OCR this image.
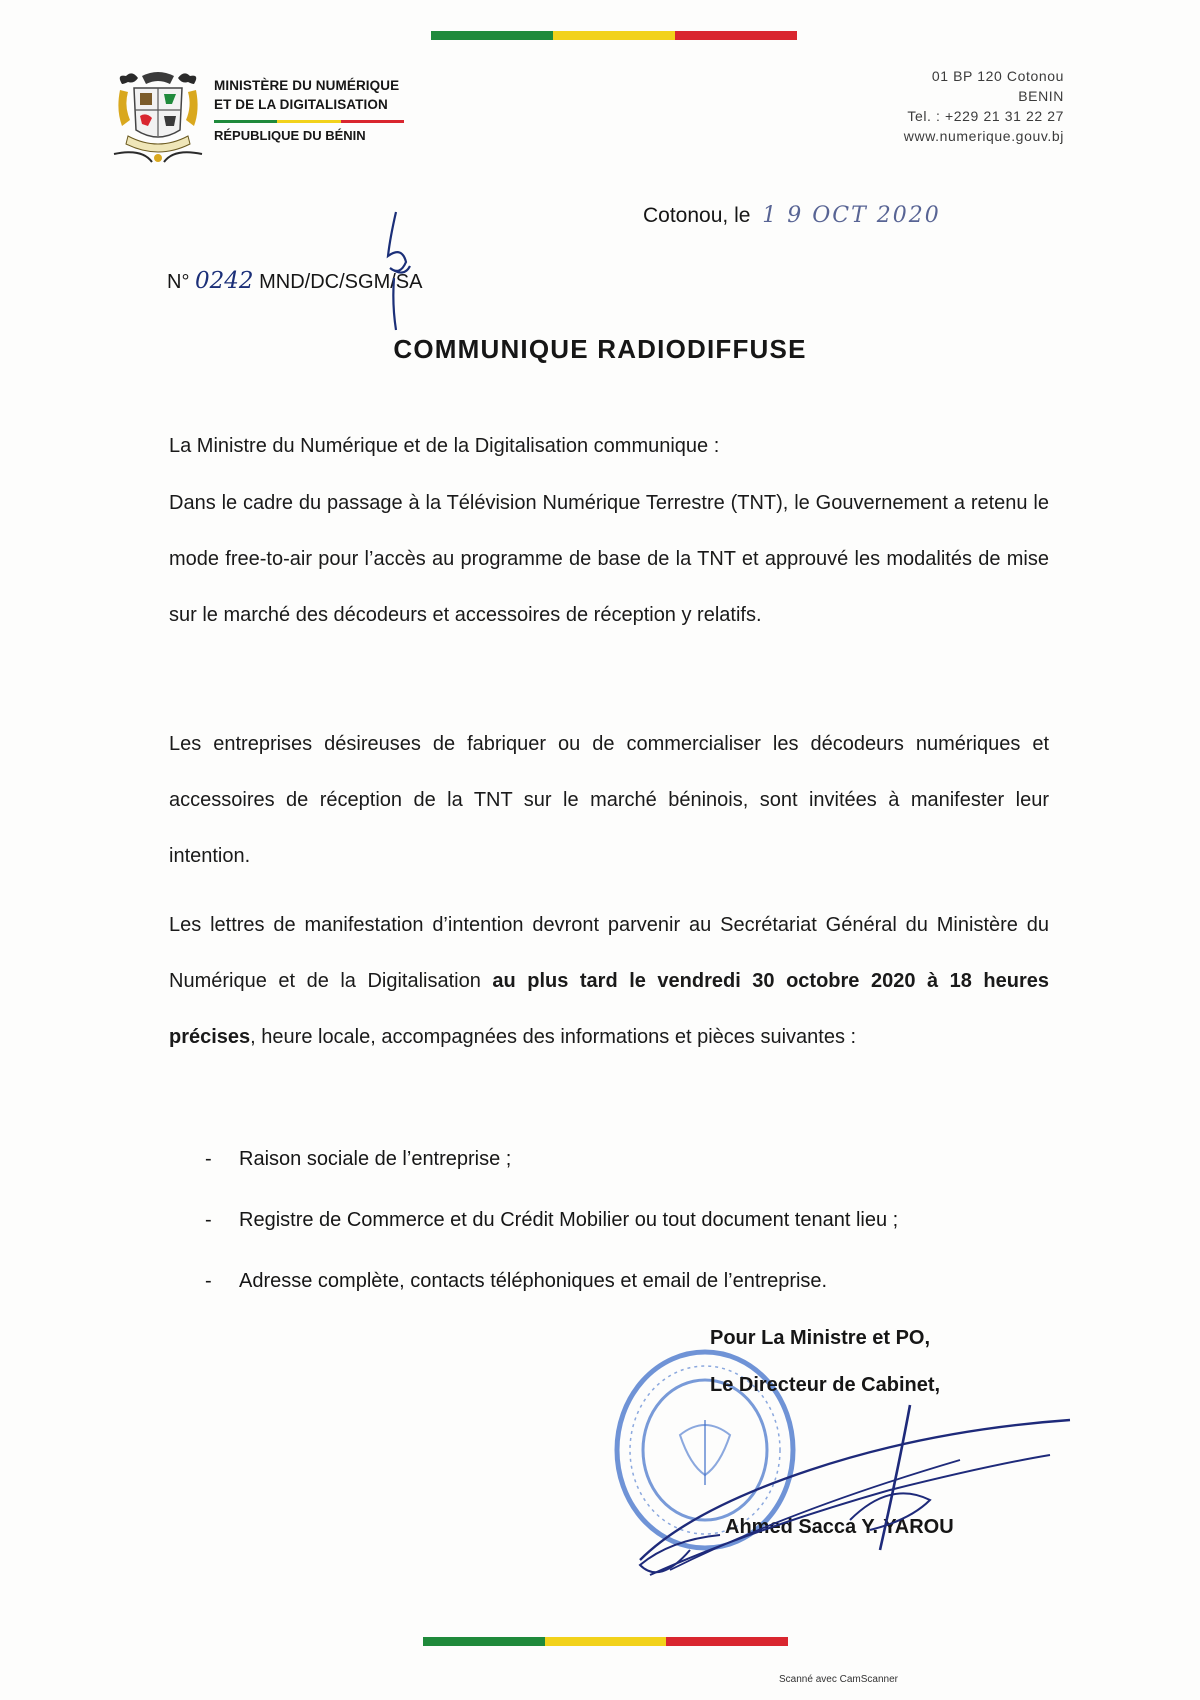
MINISTÈRE DU NUMÉRIQUE
ET DE LA DIGITALISATION
RÉPUBLIQUE DU BÉNIN
01 BP 120 Cotonou
BENIN
Tel. : +229 21 31 22 27
www.numerique.gouv.bj
Cotonou, le 1 9 OCT 2020
N° 0242 MND/DC/SGM/SA
COMMUNIQUE RADIODIFFUSE
La Ministre du Numérique et de la Digitalisation communique :
Dans le cadre du passage à la Télévision Numérique Terrestre (TNT), le Gouvernement a retenu le mode free-to-air pour l’accès au programme de base de la TNT et approuvé les modalités de mise sur le marché des décodeurs et accessoires de réception y relatifs.
Les entreprises désireuses de fabriquer ou de commercialiser les décodeurs numériques et accessoires de réception de la TNT sur le marché béninois, sont invitées à manifester leur intention.
Les lettres de manifestation d’intention devront parvenir au Secrétariat Général du Ministère du Numérique et de la Digitalisation au plus tard le vendredi 30 octobre 2020 à 18 heures précises, heure locale, accompagnées des informations et pièces suivantes :
-	Raison sociale de l’entreprise ;
-	Registre de Commerce et du Crédit Mobilier ou tout document tenant lieu ;
-	Adresse complète, contacts téléphoniques et email de l’entreprise.
Pour La Ministre et PO,
Le Directeur de Cabinet,
Ahmed Sacca Y. YAROU
Scanné avec CamScanner
